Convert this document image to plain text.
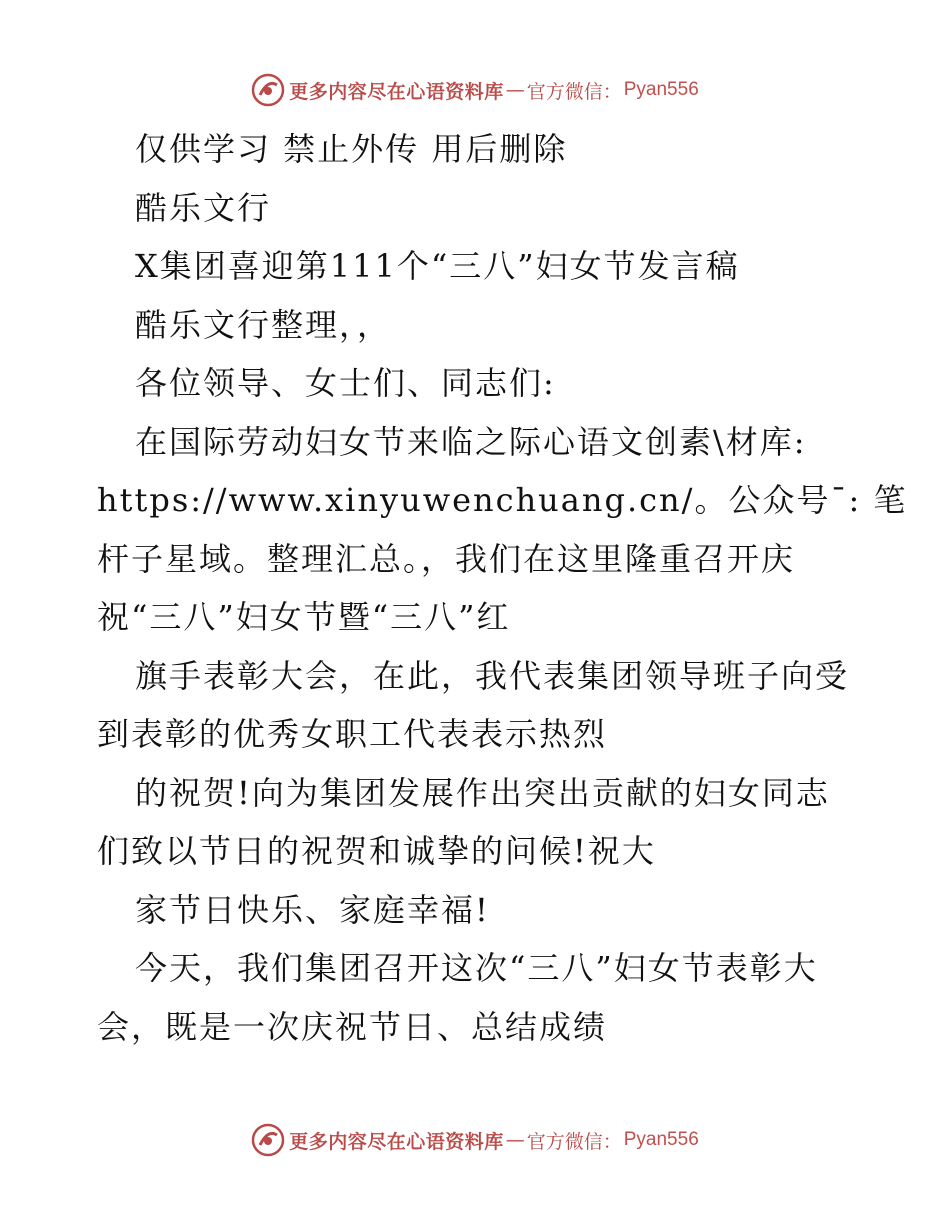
更多内容尽在心语资料库 — 官方微信： Pyan556
仅供学习 禁止外传 用后删除
酷乐文行
X集团喜迎第111个“三八”妇女节发言稿
酷乐文行整理，，
各位领导、女士们、同志们:
在国际劳动妇女节来临之际心语文创素\材库:
https://www.xinyuwenchuang.cn/。公众号¯: 笔
杆子星域。整理汇总。，我们在这里隆重召开庆
祝“三八”妇女节暨“三八”红
旗手表彰大会，在此，我代表集团领导班子向受
到表彰的优秀女职工代表表示热烈
的祝贺!向为集团发展作出突出贡献的妇女同志
们致以节日的祝贺和诚挚的问候!祝大
家节日快乐、家庭幸福!
今天，我们集团召开这次“三八”妇女节表彰大
会，既是一次庆祝节日、总结成绩
更多内容尽在心语资料库 — 官方微信： Pyan556
